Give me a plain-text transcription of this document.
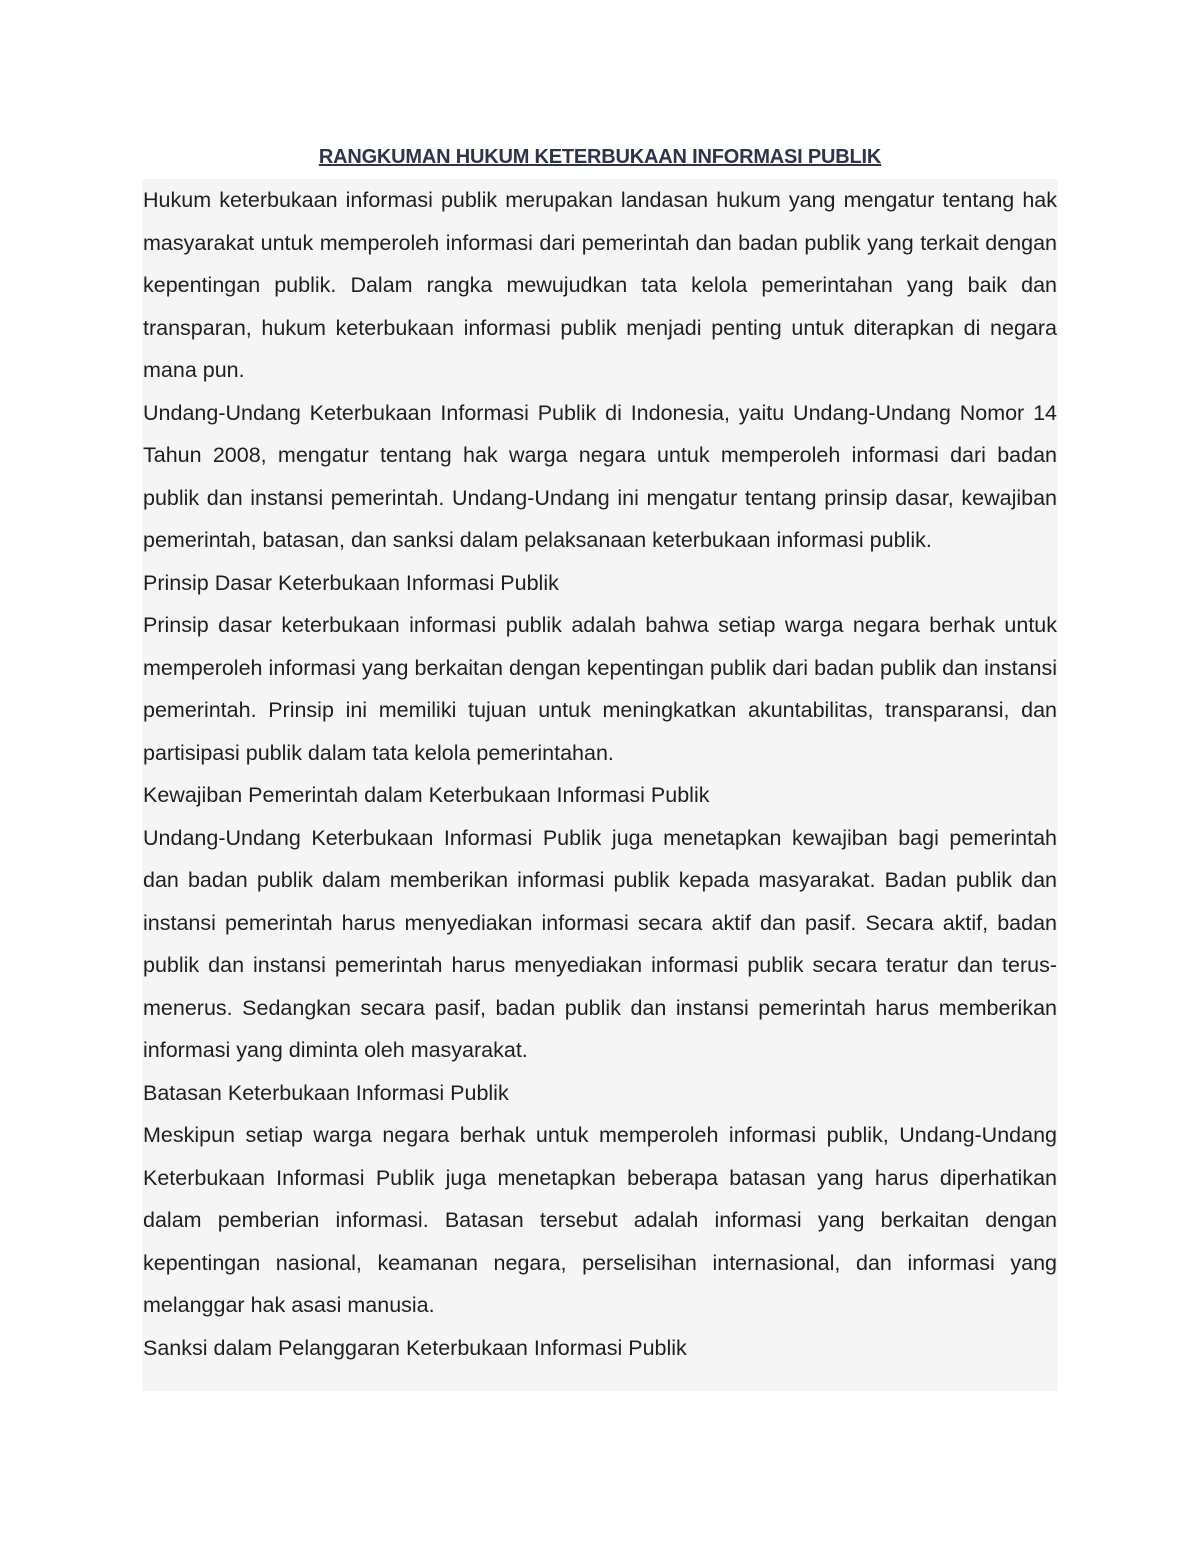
RANGKUMAN HUKUM KETERBUKAAN INFORMASI PUBLIK

Hukum keterbukaan informasi publik merupakan landasan hukum yang mengatur tentang hak masyarakat untuk memperoleh informasi dari pemerintah dan badan publik yang terkait dengan kepentingan publik. Dalam rangka mewujudkan tata kelola pemerintahan yang baik dan transparan, hukum keterbukaan informasi publik menjadi penting untuk diterapkan di negara mana pun.

Undang-Undang Keterbukaan Informasi Publik di Indonesia, yaitu Undang-Undang Nomor 14 Tahun 2008, mengatur tentang hak warga negara untuk memperoleh informasi dari badan publik dan instansi pemerintah. Undang-Undang ini mengatur tentang prinsip dasar, kewajiban pemerintah, batasan, dan sanksi dalam pelaksanaan keterbukaan informasi publik.

Prinsip Dasar Keterbukaan Informasi Publik

Prinsip dasar keterbukaan informasi publik adalah bahwa setiap warga negara berhak untuk memperoleh informasi yang berkaitan dengan kepentingan publik dari badan publik dan instansi pemerintah. Prinsip ini memiliki tujuan untuk meningkatkan akuntabilitas, transparansi, dan partisipasi publik dalam tata kelola pemerintahan.

Kewajiban Pemerintah dalam Keterbukaan Informasi Publik

Undang-Undang Keterbukaan Informasi Publik juga menetapkan kewajiban bagi pemerintah dan badan publik dalam memberikan informasi publik kepada masyarakat. Badan publik dan instansi pemerintah harus menyediakan informasi secara aktif dan pasif. Secara aktif, badan publik dan instansi pemerintah harus menyediakan informasi publik secara teratur dan terus-menerus. Sedangkan secara pasif, badan publik dan instansi pemerintah harus memberikan informasi yang diminta oleh masyarakat.

Batasan Keterbukaan Informasi Publik

Meskipun setiap warga negara berhak untuk memperoleh informasi publik, Undang-Undang Keterbukaan Informasi Publik juga menetapkan beberapa batasan yang harus diperhatikan dalam pemberian informasi. Batasan tersebut adalah informasi yang berkaitan dengan kepentingan nasional, keamanan negara, perselisihan internasional, dan informasi yang melanggar hak asasi manusia.

Sanksi dalam Pelanggaran Keterbukaan Informasi Publik
